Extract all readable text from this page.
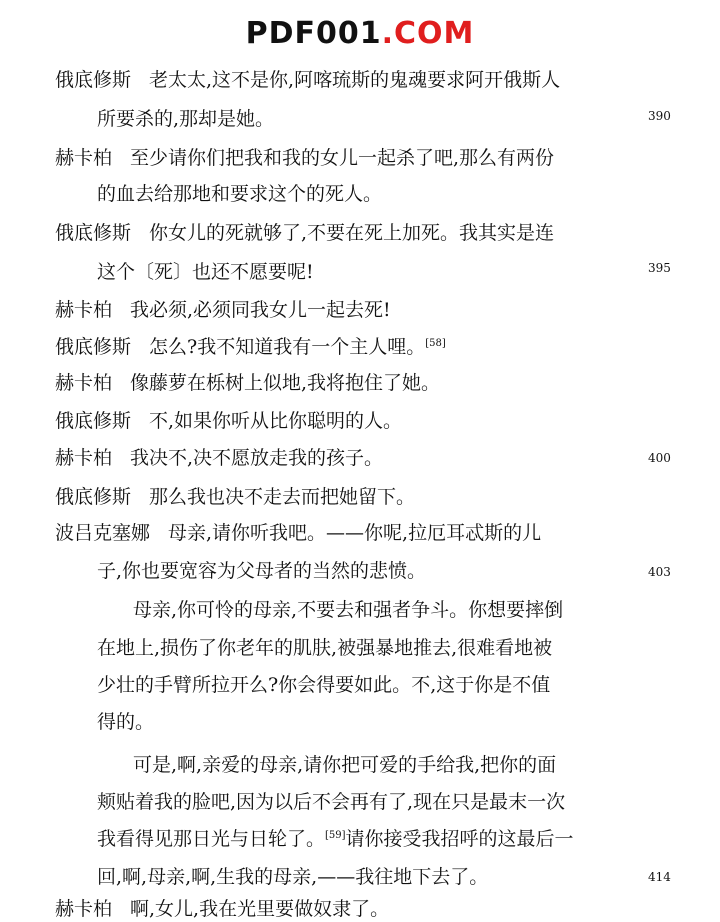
PDF001.COM
俄底修斯 老太太,这不是你,阿喀琉斯的鬼魂要求阿开俄斯人
所要杀的,那却是她。
赫卡柏 至少请你们把我和我的女儿一起杀了吧,那么有两份
的血去给那地和要求这个的死人。
俄底修斯 你女儿的死就够了,不要在死上加死。我其实是连
这个〔死〕也还不愿要呢!
赫卡柏 我必须,必须同我女儿一起去死!
俄底修斯 怎么?我不知道我有一个主人哩。[58]
赫卡柏 像藤萝在栎树上似地,我将抱住了她。
俄底修斯 不,如果你听从比你聪明的人。
赫卡柏 我决不,决不愿放走我的孩子。
俄底修斯 那么我也决不走去而把她留下。
波吕克塞娜 母亲,请你听我吧。——你呢,拉厄耳忒斯的儿
子,你也要宽容为父母者的当然的悲愤。
母亲,你可怜的母亲,不要去和强者争斗。你想要摔倒
在地上,损伤了你老年的肌肤,被强暴地推去,很难看地被
少壮的手臂所拉开么?你会得要如此。不,这于你是不值
得的。
可是,啊,亲爱的母亲,请你把可爱的手给我,把你的面
颊贴着我的脸吧,因为以后不会再有了,现在只是最末一次
我看得见那日光与日轮了。[59]请你接受我招呼的这最后一
回,啊,母亲,啊,生我的母亲,——我往地下去了。
赫卡柏 啊,女儿,我在光里要做奴隶了。
390
395
400
403
414
